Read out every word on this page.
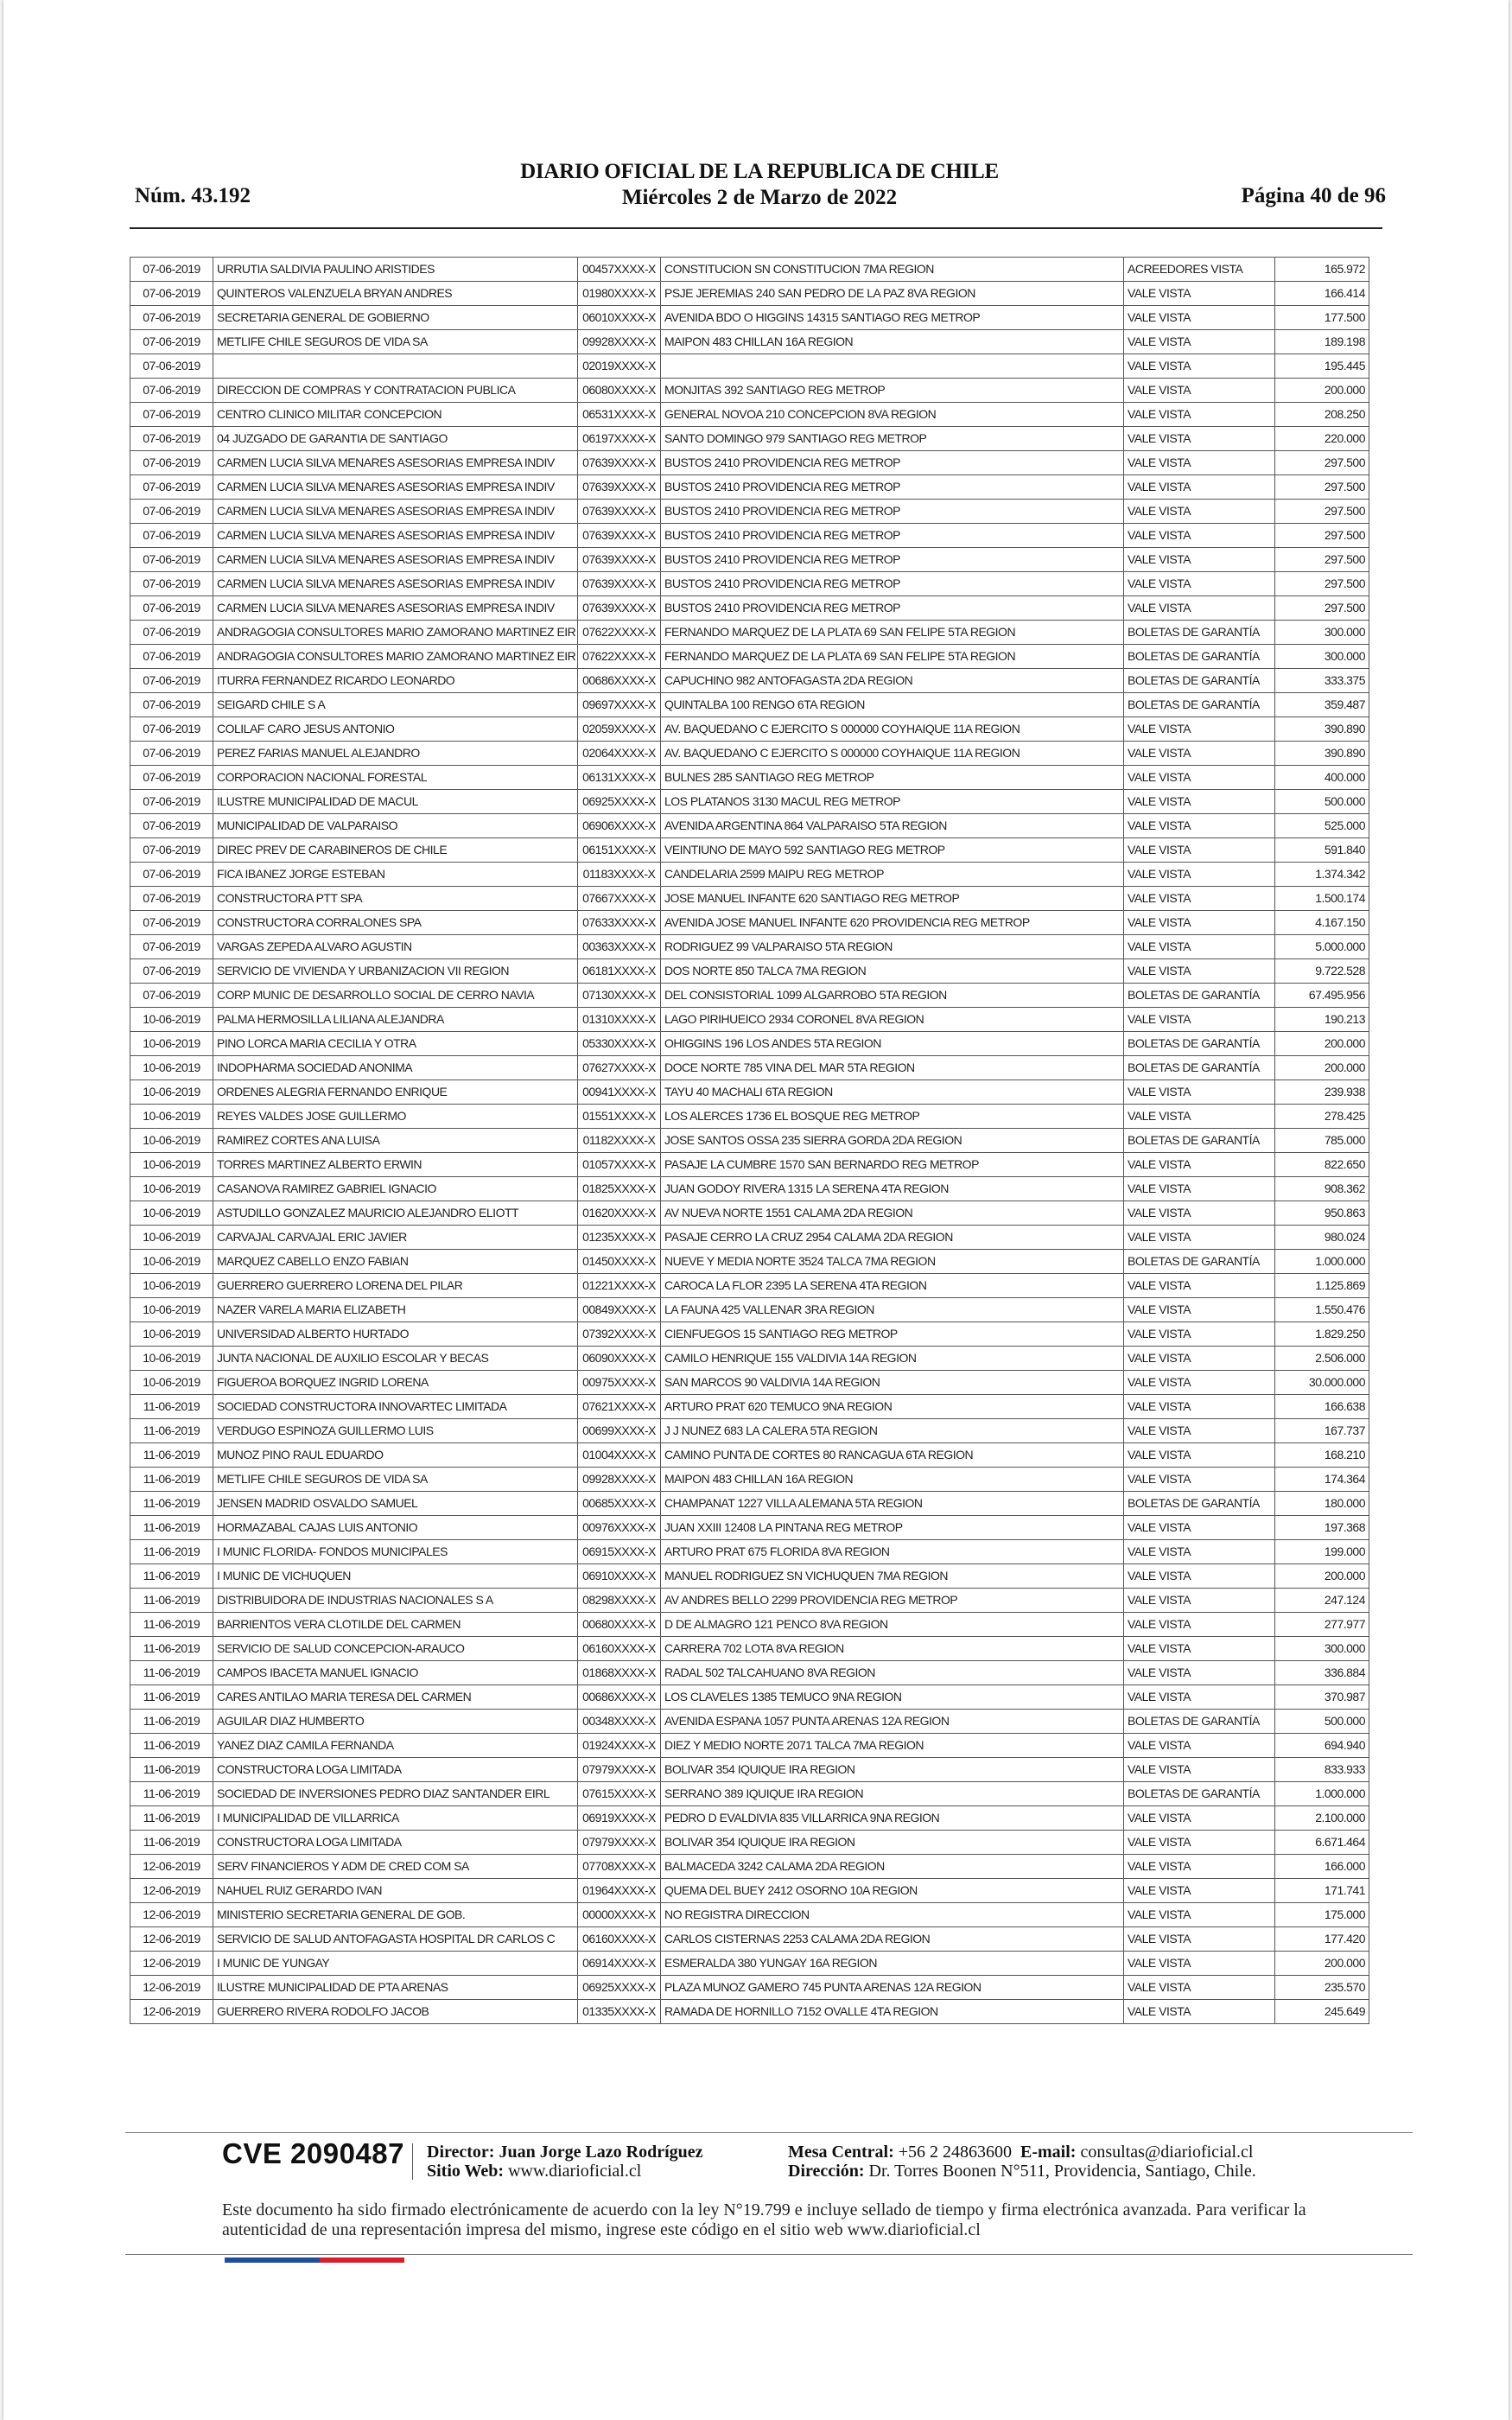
DIARIO OFICIAL DE LA REPUBLICA DE CHILE
Núm. 43.192	Miércoles 2 de Marzo de 2022	Página 40 de 96
07-06-2019	URRUTIA SALDIVIA PAULINO ARISTIDES	00457XXXX-X	CONSTITUCION SN CONSTITUCION 7MA REGION	ACREEDORES VISTA	165.972
07-06-2019	QUINTEROS VALENZUELA BRYAN ANDRES	01980XXXX-X	PSJE JEREMIAS 240 SAN PEDRO DE LA PAZ 8VA REGION	VALE VISTA	166.414
07-06-2019	SECRETARIA GENERAL DE GOBIERNO	06010XXXX-X	AVENIDA BDO O HIGGINS 14315 SANTIAGO REG METROP	VALE VISTA	177.500
07-06-2019	METLIFE CHILE SEGUROS DE VIDA SA	09928XXXX-X	MAIPON 483 CHILLAN 16A REGION	VALE VISTA	189.198
07-06-2019		02019XXXX-X		VALE VISTA	195.445
07-06-2019	DIRECCION DE COMPRAS Y CONTRATACION PUBLICA	06080XXXX-X	MONJITAS 392 SANTIAGO REG METROP	VALE VISTA	200.000
07-06-2019	CENTRO CLINICO MILITAR CONCEPCION	06531XXXX-X	GENERAL NOVOA 210 CONCEPCION 8VA REGION	VALE VISTA	208.250
07-06-2019	04 JUZGADO DE GARANTIA DE SANTIAGO	06197XXXX-X	SANTO DOMINGO 979 SANTIAGO REG METROP	VALE VISTA	220.000
07-06-2019	CARMEN LUCIA SILVA MENARES ASESORIAS EMPRESA INDIV	07639XXXX-X	BUSTOS 2410 PROVIDENCIA REG METROP	VALE VISTA	297.500
07-06-2019	CARMEN LUCIA SILVA MENARES ASESORIAS EMPRESA INDIV	07639XXXX-X	BUSTOS 2410 PROVIDENCIA REG METROP	VALE VISTA	297.500
07-06-2019	CARMEN LUCIA SILVA MENARES ASESORIAS EMPRESA INDIV	07639XXXX-X	BUSTOS 2410 PROVIDENCIA REG METROP	VALE VISTA	297.500
07-06-2019	CARMEN LUCIA SILVA MENARES ASESORIAS EMPRESA INDIV	07639XXXX-X	BUSTOS 2410 PROVIDENCIA REG METROP	VALE VISTA	297.500
07-06-2019	CARMEN LUCIA SILVA MENARES ASESORIAS EMPRESA INDIV	07639XXXX-X	BUSTOS 2410 PROVIDENCIA REG METROP	VALE VISTA	297.500
07-06-2019	CARMEN LUCIA SILVA MENARES ASESORIAS EMPRESA INDIV	07639XXXX-X	BUSTOS 2410 PROVIDENCIA REG METROP	VALE VISTA	297.500
07-06-2019	CARMEN LUCIA SILVA MENARES ASESORIAS EMPRESA INDIV	07639XXXX-X	BUSTOS 2410 PROVIDENCIA REG METROP	VALE VISTA	297.500
07-06-2019	ANDRAGOGIA CONSULTORES MARIO ZAMORANO MARTINEZ EIR	07622XXXX-X	FERNANDO MARQUEZ DE LA PLATA 69 SAN FELIPE 5TA REGION	BOLETAS DE GARANTÍA	300.000
07-06-2019	ANDRAGOGIA CONSULTORES MARIO ZAMORANO MARTINEZ EIR	07622XXXX-X	FERNANDO MARQUEZ DE LA PLATA 69 SAN FELIPE 5TA REGION	BOLETAS DE GARANTÍA	300.000
07-06-2019	ITURRA FERNANDEZ RICARDO LEONARDO	00686XXXX-X	CAPUCHINO 982 ANTOFAGASTA 2DA REGION	BOLETAS DE GARANTÍA	333.375
07-06-2019	SEIGARD CHILE S A	09697XXXX-X	QUINTALBA 100 RENGO 6TA REGION	BOLETAS DE GARANTÍA	359.487
07-06-2019	COLILAF CARO JESUS ANTONIO	02059XXXX-X	AV. BAQUEDANO C EJERCITO S 000000 COYHAIQUE 11A REGION	VALE VISTA	390.890
07-06-2019	PEREZ FARIAS MANUEL ALEJANDRO	02064XXXX-X	AV. BAQUEDANO C EJERCITO S 000000 COYHAIQUE 11A REGION	VALE VISTA	390.890
07-06-2019	CORPORACION NACIONAL FORESTAL	06131XXXX-X	BULNES 285 SANTIAGO REG METROP	VALE VISTA	400.000
07-06-2019	ILUSTRE MUNICIPALIDAD DE MACUL	06925XXXX-X	LOS PLATANOS 3130 MACUL REG METROP	VALE VISTA	500.000
07-06-2019	MUNICIPALIDAD DE VALPARAISO	06906XXXX-X	AVENIDA ARGENTINA 864 VALPARAISO 5TA REGION	VALE VISTA	525.000
07-06-2019	DIREC PREV DE CARABINEROS DE CHILE	06151XXXX-X	VEINTIUNO DE MAYO 592 SANTIAGO REG METROP	VALE VISTA	591.840
07-06-2019	FICA IBANEZ JORGE ESTEBAN	01183XXXX-X	CANDELARIA 2599 MAIPU REG METROP	VALE VISTA	1.374.342
07-06-2019	CONSTRUCTORA PTT SPA	07667XXXX-X	JOSE MANUEL INFANTE 620 SANTIAGO REG METROP	VALE VISTA	1.500.174
07-06-2019	CONSTRUCTORA CORRALONES SPA	07633XXXX-X	AVENIDA JOSE MANUEL INFANTE 620 PROVIDENCIA REG METROP	VALE VISTA	4.167.150
07-06-2019	VARGAS ZEPEDA ALVARO AGUSTIN	00363XXXX-X	RODRIGUEZ 99 VALPARAISO 5TA REGION	VALE VISTA	5.000.000
07-06-2019	SERVICIO DE VIVIENDA Y URBANIZACION VII REGION	06181XXXX-X	DOS NORTE 850 TALCA 7MA REGION	VALE VISTA	9.722.528
07-06-2019	CORP MUNIC DE DESARROLLO SOCIAL DE CERRO NAVIA	07130XXXX-X	DEL CONSISTORIAL 1099 ALGARROBO 5TA REGION	BOLETAS DE GARANTÍA	67.495.956
10-06-2019	PALMA HERMOSILLA LILIANA ALEJANDRA	01310XXXX-X	LAGO PIRIHUEICO 2934 CORONEL 8VA REGION	VALE VISTA	190.213
10-06-2019	PINO LORCA MARIA CECILIA Y OTRA	05330XXXX-X	OHIGGINS 196 LOS ANDES 5TA REGION	BOLETAS DE GARANTÍA	200.000
10-06-2019	INDOPHARMA SOCIEDAD ANONIMA	07627XXXX-X	DOCE NORTE 785 VINA DEL MAR 5TA REGION	BOLETAS DE GARANTÍA	200.000
10-06-2019	ORDENES ALEGRIA FERNANDO ENRIQUE	00941XXXX-X	TAYU 40 MACHALI 6TA REGION	VALE VISTA	239.938
10-06-2019	REYES VALDES JOSE GUILLERMO	01551XXXX-X	LOS ALERCES 1736 EL BOSQUE REG METROP	VALE VISTA	278.425
10-06-2019	RAMIREZ CORTES ANA LUISA	01182XXXX-X	JOSE SANTOS OSSA 235 SIERRA GORDA 2DA REGION	BOLETAS DE GARANTÍA	785.000
10-06-2019	TORRES MARTINEZ ALBERTO ERWIN	01057XXXX-X	PASAJE LA CUMBRE 1570 SAN BERNARDO REG METROP	VALE VISTA	822.650
10-06-2019	CASANOVA RAMIREZ GABRIEL IGNACIO	01825XXXX-X	JUAN GODOY RIVERA 1315 LA SERENA 4TA REGION	VALE VISTA	908.362
10-06-2019	ASTUDILLO GONZALEZ MAURICIO ALEJANDRO ELIOTT	01620XXXX-X	AV NUEVA NORTE 1551 CALAMA 2DA REGION	VALE VISTA	950.863
10-06-2019	CARVAJAL CARVAJAL ERIC JAVIER	01235XXXX-X	PASAJE CERRO LA CRUZ 2954 CALAMA 2DA REGION	VALE VISTA	980.024
10-06-2019	MARQUEZ CABELLO ENZO FABIAN	01450XXXX-X	NUEVE Y MEDIA NORTE 3524 TALCA 7MA REGION	BOLETAS DE GARANTÍA	1.000.000
10-06-2019	GUERRERO GUERRERO LORENA DEL PILAR	01221XXXX-X	CAROCA LA FLOR 2395 LA SERENA 4TA REGION	VALE VISTA	1.125.869
10-06-2019	NAZER VARELA MARIA ELIZABETH	00849XXXX-X	LA FAUNA 425 VALLENAR 3RA REGION	VALE VISTA	1.550.476
10-06-2019	UNIVERSIDAD ALBERTO HURTADO	07392XXXX-X	CIENFUEGOS 15 SANTIAGO REG METROP	VALE VISTA	1.829.250
10-06-2019	JUNTA NACIONAL DE AUXILIO ESCOLAR Y BECAS	06090XXXX-X	CAMILO HENRIQUE 155 VALDIVIA 14A REGION	VALE VISTA	2.506.000
10-06-2019	FIGUEROA BORQUEZ INGRID LORENA	00975XXXX-X	SAN MARCOS 90 VALDIVIA 14A REGION	VALE VISTA	30.000.000
11-06-2019	SOCIEDAD CONSTRUCTORA INNOVARTEC LIMITADA	07621XXXX-X	ARTURO PRAT 620 TEMUCO 9NA REGION	VALE VISTA	166.638
11-06-2019	VERDUGO ESPINOZA GUILLERMO LUIS	00699XXXX-X	J J NUNEZ 683 LA CALERA 5TA REGION	VALE VISTA	167.737
11-06-2019	MUNOZ PINO RAUL EDUARDO	01004XXXX-X	CAMINO PUNTA DE CORTES 80 RANCAGUA 6TA REGION	VALE VISTA	168.210
11-06-2019	METLIFE CHILE SEGUROS DE VIDA SA	09928XXXX-X	MAIPON 483 CHILLAN 16A REGION	VALE VISTA	174.364
11-06-2019	JENSEN MADRID OSVALDO SAMUEL	00685XXXX-X	CHAMPANAT 1227 VILLA ALEMANA 5TA REGION	BOLETAS DE GARANTÍA	180.000
11-06-2019	HORMAZABAL CAJAS LUIS ANTONIO	00976XXXX-X	JUAN XXIII 12408 LA PINTANA REG METROP	VALE VISTA	197.368
11-06-2019	I MUNIC FLORIDA- FONDOS MUNICIPALES	06915XXXX-X	ARTURO PRAT 675 FLORIDA 8VA REGION	VALE VISTA	199.000
11-06-2019	I MUNIC DE VICHUQUEN	06910XXXX-X	MANUEL RODRIGUEZ SN VICHUQUEN 7MA REGION	VALE VISTA	200.000
11-06-2019	DISTRIBUIDORA DE INDUSTRIAS NACIONALES S A	08298XXXX-X	AV ANDRES BELLO 2299 PROVIDENCIA REG METROP	VALE VISTA	247.124
11-06-2019	BARRIENTOS VERA CLOTILDE DEL CARMEN	00680XXXX-X	D DE ALMAGRO 121 PENCO 8VA REGION	VALE VISTA	277.977
11-06-2019	SERVICIO DE SALUD CONCEPCION-ARAUCO	06160XXXX-X	CARRERA 702 LOTA 8VA REGION	VALE VISTA	300.000
11-06-2019	CAMPOS IBACETA MANUEL IGNACIO	01868XXXX-X	RADAL 502 TALCAHUANO 8VA REGION	VALE VISTA	336.884
11-06-2019	CARES ANTILAO MARIA TERESA DEL CARMEN	00686XXXX-X	LOS CLAVELES 1385 TEMUCO 9NA REGION	VALE VISTA	370.987
11-06-2019	AGUILAR DIAZ HUMBERTO	00348XXXX-X	AVENIDA ESPANA 1057 PUNTA ARENAS 12A REGION	BOLETAS DE GARANTÍA	500.000
11-06-2019	YANEZ DIAZ CAMILA FERNANDA	01924XXXX-X	DIEZ Y MEDIO NORTE 2071 TALCA 7MA REGION	VALE VISTA	694.940
11-06-2019	CONSTRUCTORA LOGA LIMITADA	07979XXXX-X	BOLIVAR 354 IQUIQUE IRA REGION	VALE VISTA	833.933
11-06-2019	SOCIEDAD DE INVERSIONES PEDRO DIAZ SANTANDER EIRL	07615XXXX-X	SERRANO 389 IQUIQUE IRA REGION	BOLETAS DE GARANTÍA	1.000.000
11-06-2019	I MUNICIPALIDAD DE VILLARRICA	06919XXXX-X	PEDRO D EVALDIVIA 835 VILLARRICA 9NA REGION	VALE VISTA	2.100.000
11-06-2019	CONSTRUCTORA LOGA LIMITADA	07979XXXX-X	BOLIVAR 354 IQUIQUE IRA REGION	VALE VISTA	6.671.464
12-06-2019	SERV FINANCIEROS Y ADM DE CRED COM SA	07708XXXX-X	BALMACEDA 3242 CALAMA 2DA REGION	VALE VISTA	166.000
12-06-2019	NAHUEL RUIZ GERARDO IVAN	01964XXXX-X	QUEMA DEL BUEY 2412 OSORNO 10A REGION	VALE VISTA	171.741
12-06-2019	MINISTERIO SECRETARIA GENERAL DE GOB.	00000XXXX-X	NO REGISTRA DIRECCION	VALE VISTA	175.000
12-06-2019	SERVICIO DE SALUD ANTOFAGASTA HOSPITAL DR CARLOS C	06160XXXX-X	CARLOS CISTERNAS 2253 CALAMA 2DA REGION	VALE VISTA	177.420
12-06-2019	I MUNIC DE YUNGAY	06914XXXX-X	ESMERALDA 380 YUNGAY 16A REGION	VALE VISTA	200.000
12-06-2019	ILUSTRE MUNICIPALIDAD DE PTA ARENAS	06925XXXX-X	PLAZA MUNOZ GAMERO 745 PUNTA ARENAS 12A REGION	VALE VISTA	235.570
12-06-2019	GUERRERO RIVERA RODOLFO JACOB	01335XXXX-X	RAMADA DE HORNILLO 7152 OVALLE 4TA REGION	VALE VISTA	245.649
CVE 2090487 Director: Juan Jorge Lazo Rodríguez
Sitio Web: www.diarioficial.cl
Mesa Central: +56 2 24863600 E-mail: consultas@diarioficial.cl
Dirección: Dr. Torres Boonen N°511, Providencia, Santiago, Chile.
Este documento ha sido firmado electrónicamente de acuerdo con la ley N°19.799 e incluye sellado de tiempo y firma electrónica avanzada. Para verificar la autenticidad de una representación impresa del mismo, ingrese este código en el sitio web www.diarioficial.cl
